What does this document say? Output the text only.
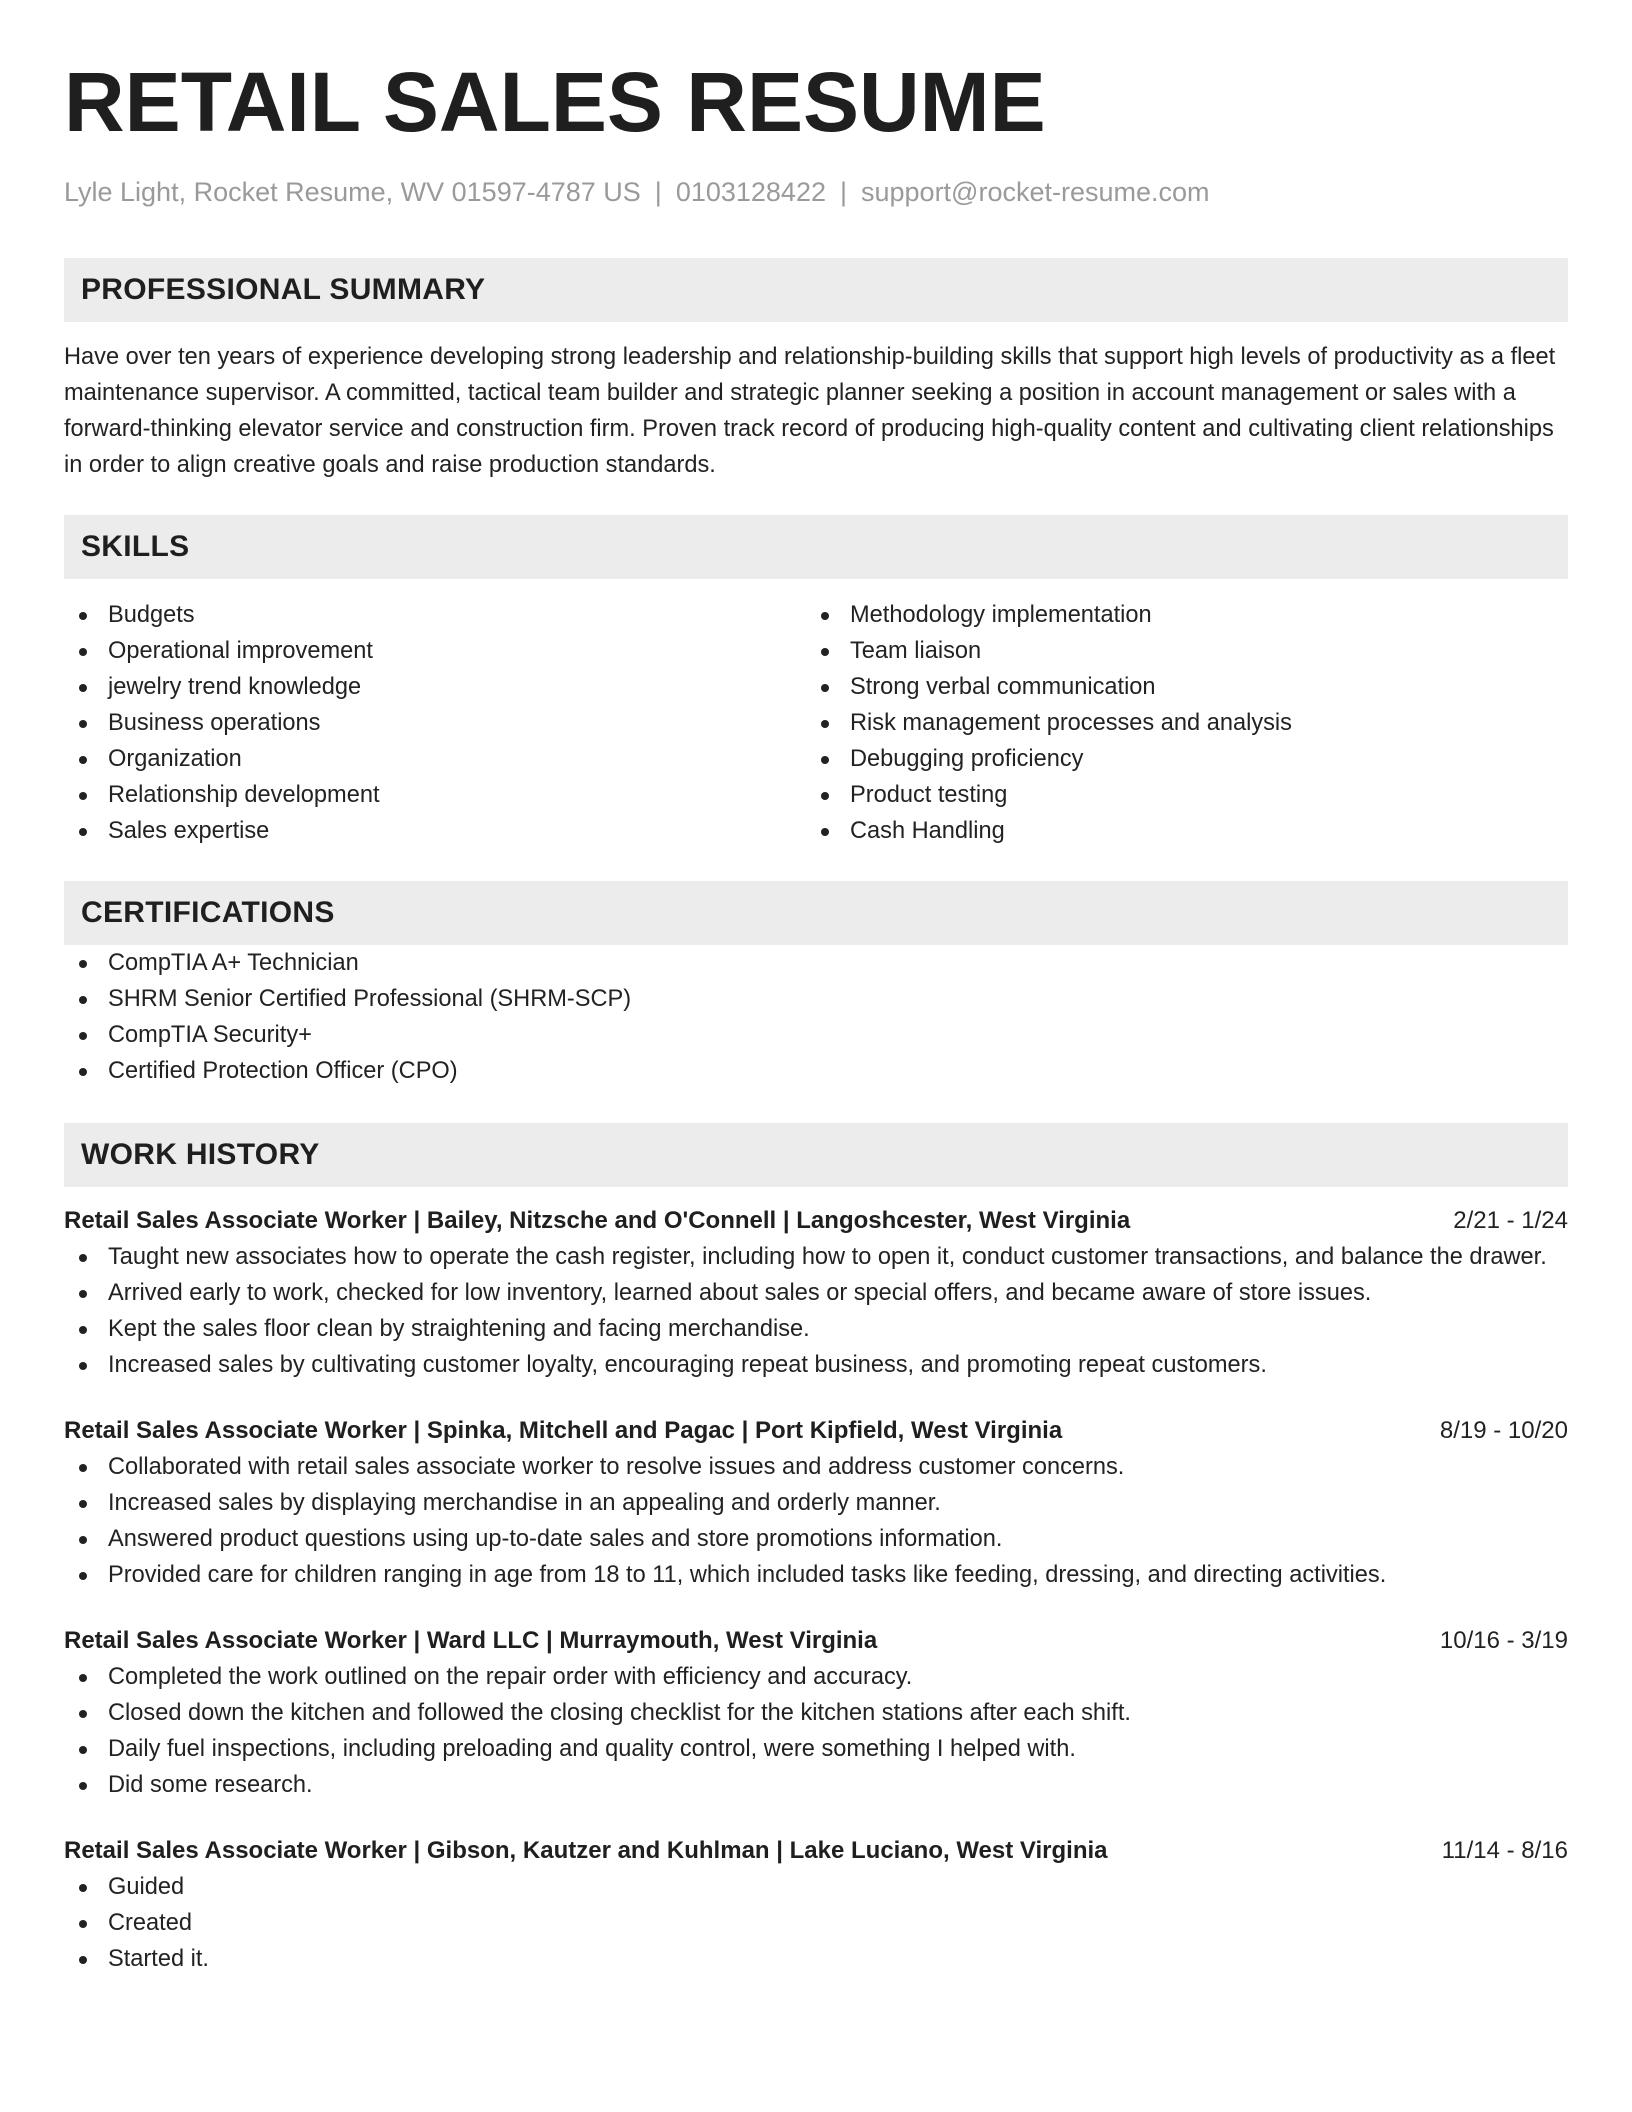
RETAIL SALES RESUME
Lyle Light, Rocket Resume, WV 01597-4787 US | 0103128422 | support@rocket-resume.com
PROFESSIONAL SUMMARY
Have over ten years of experience developing strong leadership and relationship-building skills that support high levels of productivity as a fleet maintenance supervisor. A committed, tactical team builder and strategic planner seeking a position in account management or sales with a forward-thinking elevator service and construction firm. Proven track record of producing high-quality content and cultivating client relationships in order to align creative goals and raise production standards.
SKILLS
Budgets
Operational improvement
jewelry trend knowledge
Business operations
Organization
Relationship development
Sales expertise
Methodology implementation
Team liaison
Strong verbal communication
Risk management processes and analysis
Debugging proficiency
Product testing
Cash Handling
CERTIFICATIONS
CompTIA A+ Technician
SHRM Senior Certified Professional (SHRM-SCP)
CompTIA Security+
Certified Protection Officer (CPO)
WORK HISTORY
Retail Sales Associate Worker | Bailey, Nitzsche and O'Connell | Langoshcester, West Virginia	2/21 - 1/24
Taught new associates how to operate the cash register, including how to open it, conduct customer transactions, and balance the drawer.
Arrived early to work, checked for low inventory, learned about sales or special offers, and became aware of store issues.
Kept the sales floor clean by straightening and facing merchandise.
Increased sales by cultivating customer loyalty, encouraging repeat business, and promoting repeat customers.
Retail Sales Associate Worker | Spinka, Mitchell and Pagac | Port Kipfield, West Virginia	8/19 - 10/20
Collaborated with retail sales associate worker to resolve issues and address customer concerns.
Increased sales by displaying merchandise in an appealing and orderly manner.
Answered product questions using up-to-date sales and store promotions information.
Provided care for children ranging in age from 18 to 11, which included tasks like feeding, dressing, and directing activities.
Retail Sales Associate Worker | Ward LLC | Murraymouth, West Virginia	10/16 - 3/19
Completed the work outlined on the repair order with efficiency and accuracy.
Closed down the kitchen and followed the closing checklist for the kitchen stations after each shift.
Daily fuel inspections, including preloading and quality control, were something I helped with.
Did some research.
Retail Sales Associate Worker | Gibson, Kautzer and Kuhlman | Lake Luciano, West Virginia	11/14 - 8/16
Guided
Created
Started it.
